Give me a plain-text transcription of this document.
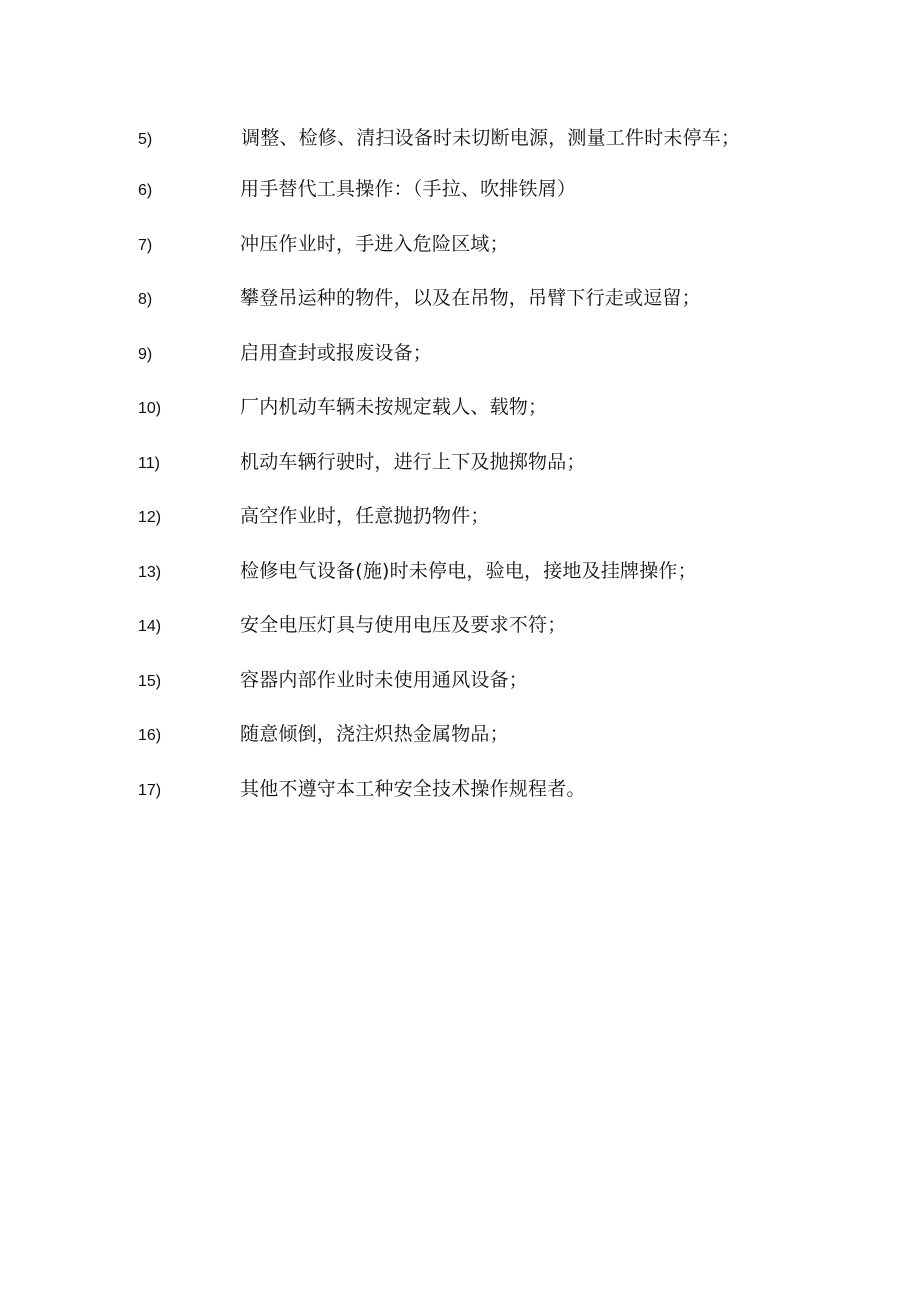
5)	调整、检修、清扫设备时未切断电源，测量工件时未停车；
6)	用手替代工具操作：（手拉、吹排铁屑）
7)	冲压作业时，手进入危险区域；
8)	攀登吊运种的物件，以及在吊物，吊臂下行走或逗留；
9)	启用查封或报废设备；
10)	厂内机动车辆未按规定载人、载物；
11)	机动车辆行驶时，进行上下及抛掷物品；
12)	高空作业时，任意抛扔物件；
13)	检修电气设备(施)时未停电，验电，接地及挂牌操作；
14)	安全电压灯具与使用电压及要求不符；
15)	容器内部作业时未使用通风设备；
16)	随意倾倒，浇注炽热金属物品；
17)	其他不遵守本工种安全技术操作规程者。
